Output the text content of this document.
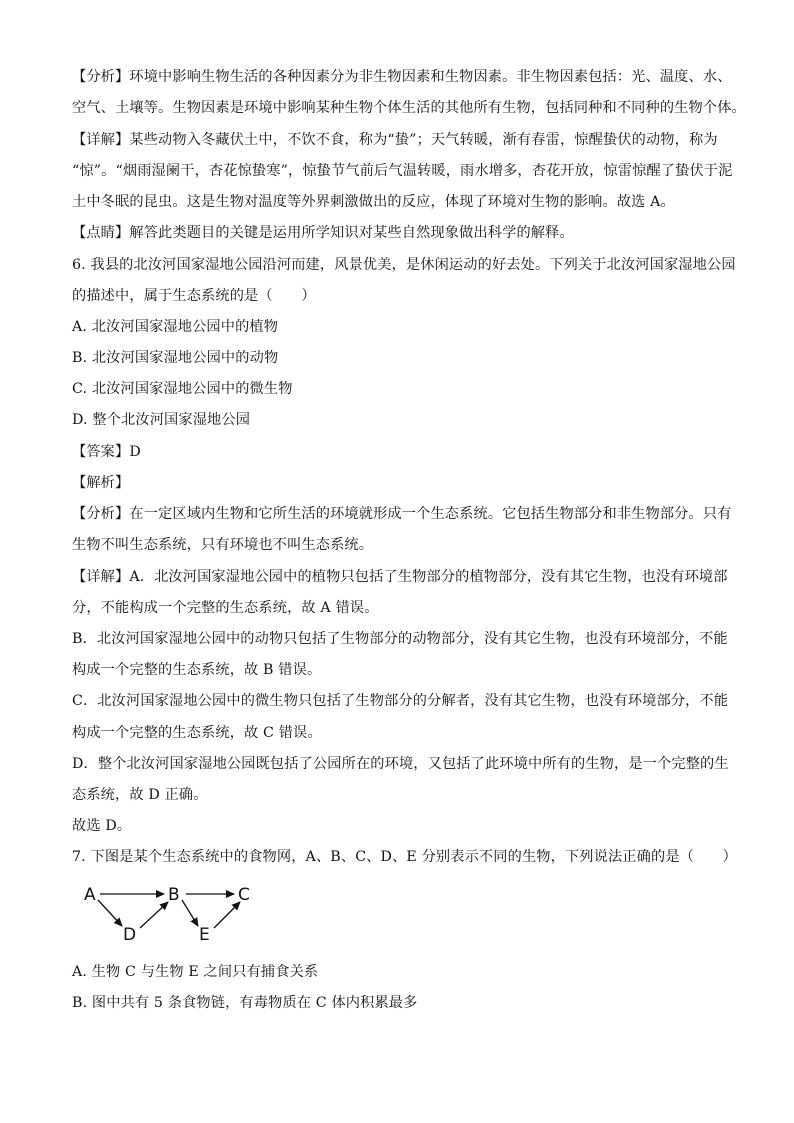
【分析】环境中影响生物生活的各种因素分为非生物因素和生物因素。非生物因素包括：光、温度、水、
空气、土壤等。生物因素是环境中影响某种生物个体生活的其他所有生物，包括同种和不同种的生物个体。
【详解】某些动物入冬藏伏土中，不饮不食，称为“蛰”；天气转暖，渐有春雷，惊醒蛰伏的动物，称为
“惊”。“烟雨湿阑干，杏花惊蛰寒”，惊蛰节气前后气温转暖，雨水增多，杏花开放，惊雷惊醒了蛰伏于泥
土中冬眠的昆虫。这是生物对温度等外界刺激做出的反应，体现了环境对生物的影响。故选 A。
【点睛】解答此类题目的关键是运用所学知识对某些自然现象做出科学的解释。
6. 我县的北汝河国家湿地公园沿河而建，风景优美，是休闲运动的好去处。下列关于北汝河国家湿地公园
的描述中，属于生态系统的是（　　）
A. 北汝河国家湿地公园中的植物
B. 北汝河国家湿地公园中的动物
C. 北汝河国家湿地公园中的微生物
D. 整个北汝河国家湿地公园
【答案】D
【解析】
【分析】在一定区域内生物和它所生活的环境就形成一个生态系统。它包括生物部分和非生物部分。只有
生物不叫生态系统，只有环境也不叫生态系统。
【详解】A．北汝河国家湿地公园中的植物只包括了生物部分的植物部分，没有其它生物，也没有环境部
分，不能构成一个完整的生态系统，故 A 错误。
B．北汝河国家湿地公园中的动物只包括了生物部分的动物部分，没有其它生物，也没有环境部分，不能
构成一个完整的生态系统，故 B 错误。
C．北汝河国家湿地公园中的微生物只包括了生物部分的分解者，没有其它生物，也没有环境部分，不能
构成一个完整的生态系统，故 C 错误。
D．整个北汝河国家湿地公园既包括了公园所在的环境，又包括了此环境中所有的生物，是一个完整的生
态系统，故 D 正确。
故选 D。
7. 下图是某个生态系统中的食物网，A、B、C、D、E 分别表示不同的生物，下列说法正确的是（　　）
A	B	C
D	E
A. 生物 C 与生物 E 之间只有捕食关系
B. 图中共有 5 条食物链，有毒物质在 C 体内积累最多
